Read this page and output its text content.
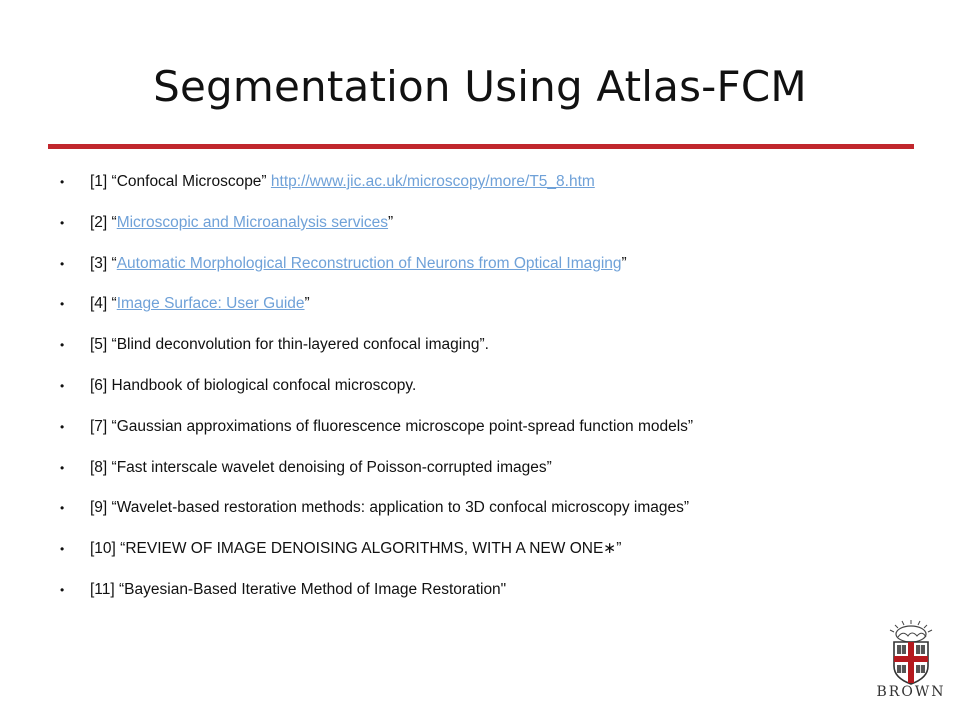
Segmentation Using Atlas-FCM
• [1] “Confocal Microscope” http://www.jic.ac.uk/microscopy/more/T5_8.htm
• [2] “Microscopic and Microanalysis services”
• [3] “Automatic Morphological Reconstruction of Neurons from Optical Imaging”
• [4] “Image Surface: User Guide”
• [5] “Blind deconvolution for thin-layered confocal imaging”.
• [6] Handbook of biological confocal microscopy.
• [7] “Gaussian approximations of fluorescence microscope point-spread function models”
• [8] “Fast interscale wavelet denoising of Poisson-corrupted images”
• [9] “Wavelet-based restoration methods: application to 3D confocal microscopy images”
• [10] “REVIEW OF IMAGE DENOISING ALGORITHMS, WITH A NEW ONE∗”
• [11] “Bayesian-Based Iterative Method of Image Restoration"
BROWN
